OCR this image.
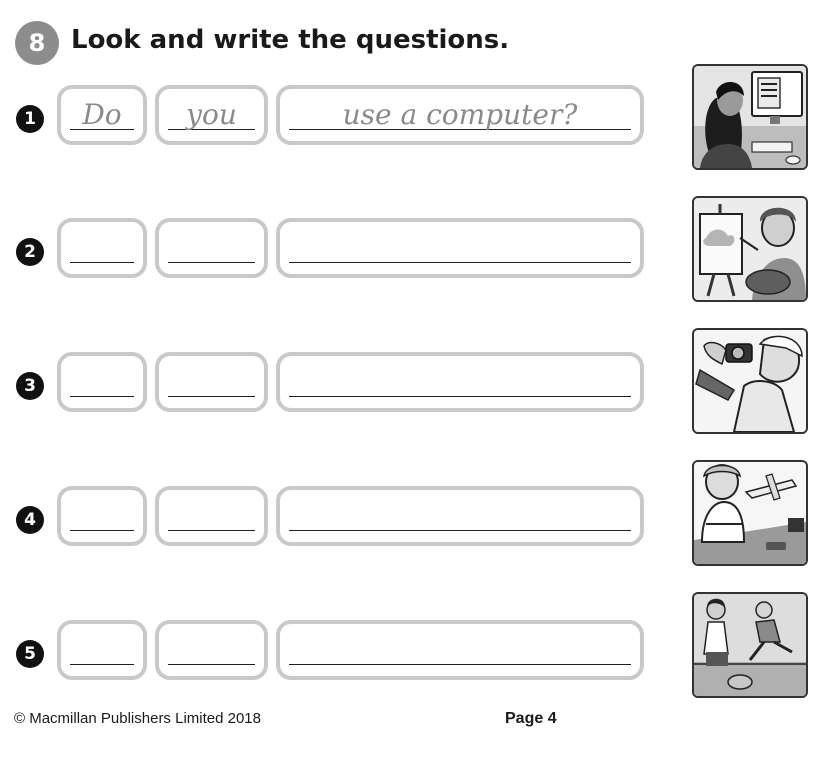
8 Look and write the questions.
1	Do	you	use a computer?
2
3
4
5
© Macmillan Publishers Limited 2018	Page 4
